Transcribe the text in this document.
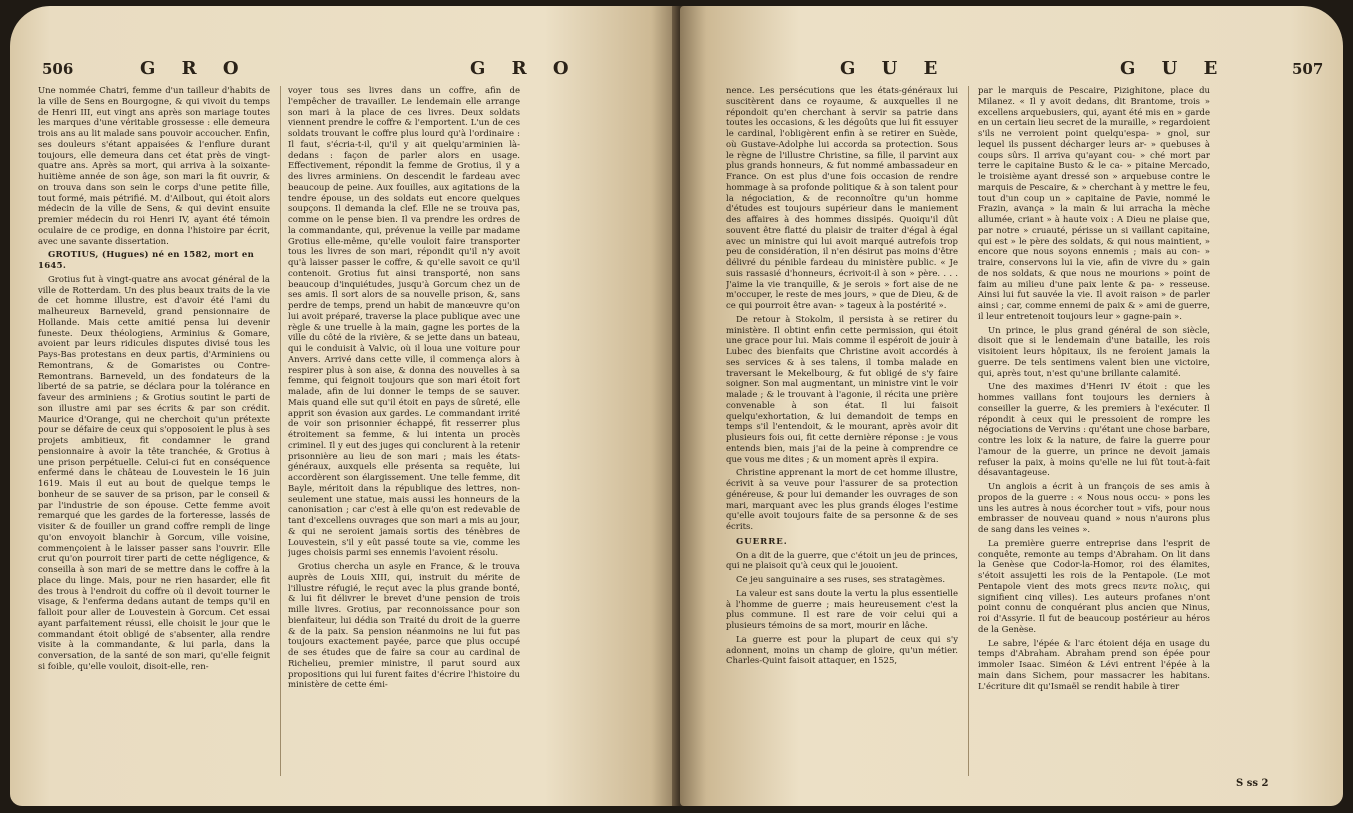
506	G R O	G R O

Une nommée Chatri, femme d'un tailleur d'habits de la ville de Sens en Bourgogne, & qui vivoit du temps de Henri III, eut vingt ans après son mariage toutes les marques d'une véritable grossesse : elle demeura trois ans au lit malade sans pouvoir accoucher. Enfin, ses douleurs s'étant appaisées & l'enflure durant toujours, elle demeura dans cet état près de vingt-quatre ans. Après sa mort, qui arriva à la soixante-huitième année de son âge, son mari la fit ouvrir, & on trouva dans son sein le corps d'une petite fille, tout formé, mais pétrifié. M. d'Ailbout, qui étoit alors médecin de la ville de Sens, & qui devint ensuite premier médecin du roi Henri IV, ayant été témoin oculaire de ce prodige, en donna l'histoire par écrit, avec une savante dissertation.

GROTIUS, (Hugues) né en 1582, mort en 1645.

Grotius fut à vingt-quatre ans avocat général de la ville de Rotterdam. Un des plus beaux traits de la vie de cet homme illustre, est d'avoir été l'ami du malheureux Barneveld, grand pensionnaire de Hollande. Mais cette amitié pensa lui devenir funeste. Deux théologiens, Arminius & Gomare, avoient par leurs ridicules disputes divisé tous les Pays-Bas protestans en deux partis, d'Arminiens ou Remontrans, & de Gomaristes ou Contre-Remontrans. Barneveld, un des fondateurs de la liberté de sa patrie, se déclara pour la tolérance en faveur des arminiens ; & Grotius soutint le parti de son illustre ami par ses écrits & par son crédit. Maurice d'Orange, qui ne cherchoit qu'un prétexte pour se défaire de ceux qui s'opposoient le plus à ses projets ambitieux, fit condamner le grand pensionnaire à avoir la tête tranchée, & Grotius à une prison perpétuelle. Celui-ci fut en conséquence enfermé dans le château de Louvestein le 16 juin 1619. Mais il eut au bout de quelque temps le bonheur de se sauver de sa prison, par le conseil & par l'industrie de son épouse. Cette femme avoit remarqué que les gardes de la forteresse, lassés de visiter & de fouiller un grand coffre rempli de linge qu'on envoyoit blanchir à Gorcum, ville voisine, commençoient à le laisser passer sans l'ouvrir. Elle crut qu'on pourroit tirer parti de cette négligence, & conseilla à son mari de se mettre dans le coffre à la place du linge. Mais, pour ne rien hasarder, elle fit des trous à l'endroit du coffre où il devoit tourner le visage, & l'enferma dedans autant de temps qu'il en falloit pour aller de Louvestein à Gorcum. Cet essai ayant parfaitement réussi, elle choisit le jour que le commandant étoit obligé de s'absenter, alla rendre visite à la commandante, & lui parla, dans la conversation, de la santé de son mari, qu'elle feignit si foible, qu'elle vouloit, disoit-elle, ren-

voyer tous ses livres dans un coffre, afin de l'empêcher de travailler. Le lendemain elle arrange son mari à la place de ces livres. Deux soldats viennent prendre le coffre & l'emportent. L'un de ces soldats trouvant le coffre plus lourd qu'à l'ordinaire : Il faut, s'écria-t-il, qu'il y ait quelqu'arminien là-dedans : façon de parler alors en usage. Effectivement, répondit la femme de Grotius, il y a des livres arminiens. On descendit le fardeau avec beaucoup de peine. Aux fouilles, aux agitations de la tendre épouse, un des soldats eut encore quelques soupçons. Il demanda la clef. Elle ne se trouva pas, comme on le pense bien. Il va prendre les ordres de la commandante, qui, prévenue la veille par madame Grotius elle-même, qu'elle vouloit faire transporter tous les livres de son mari, répondit qu'il n'y avoit qu'à laisser passer le coffre, & qu'elle savoit ce qu'il contenoit. Grotius fut ainsi transporté, non sans beaucoup d'inquiétudes, jusqu'à Gorcum chez un de ses amis. Il sort alors de sa nouvelle prison, &, sans perdre de temps, prend un habit de manœuvre qu'on lui avoit préparé, traverse la place publique avec une règle & une truelle à la main, gagne les portes de la ville du côté de la rivière, & se jette dans un bateau, qui le conduisit à Valvic, où il loua une voiture pour Anvers. Arrivé dans cette ville, il commença alors à respirer plus à son aise, & donna des nouvelles à sa femme, qui feignoit toujours que son mari étoit fort malade, afin de lui donner le temps de se sauver. Mais quand elle sut qu'il étoit en pays de sûreté, elle apprit son évasion aux gardes. Le commandant irrité de voir son prisonnier échappé, fit resserrer plus étroitement sa femme, & lui intenta un procès criminel. Il y eut des juges qui conclurent à la retenir prisonnière au lieu de son mari ; mais les états-généraux, auxquels elle présenta sa requête, lui accordèrent son élargissement. Une telle femme, dit Bayle, méritoit dans la république des lettres, non-seulement une statue, mais aussi les honneurs de la canonisation ; car c'est à elle qu'on est redevable de tant d'excellens ouvrages que son mari a mis au jour, & qui ne seroient jamais sortis des ténèbres de Louvestein, s'il y eût passé toute sa vie, comme les juges choisis parmi ses ennemis l'avoient résolu.

Grotius chercha un asyle en France, & le trouva auprès de Louis XIII, qui, instruit du mérite de l'illustre réfugié, le reçut avec la plus grande bonté, & lui fit délivrer le brevet d'une pension de trois mille livres. Grotius, par reconnoissance pour son bienfaiteur, lui dédia son Traité du droit de la guerre & de la paix. Sa pension néanmoins ne lui fut pas toujours exactement payée, parce que plus occupé de ses études que de faire sa cour au cardinal de Richelieu, premier ministre, il parut sourd aux propositions qui lui furent faites d'écrire l'histoire du ministère de cette émi-

G U E	G U E	507

nence. Les persécutions que les états-généraux lui suscitèrent dans ce royaume, & auxquelles il ne répondoit qu'en cherchant à servir sa patrie dans toutes les occasions, & les dégoûts que lui fit essuyer le cardinal, l'obligèrent enfin à se retirer en Suède, où Gustave-Adolphe lui accorda sa protection. Sous le règne de l'illustre Christine, sa fille, il parvint aux plus grands honneurs, & fut nommé ambassadeur en France. On est plus d'une fois occasion de rendre hommage à sa profonde politique & à son talent pour la négociation, & de reconnoître qu'un homme d'études est toujours supérieur dans le maniement des affaires à des hommes dissipés. Quoiqu'il dût souvent être flatté du plaisir de traiter d'égal à égal avec un ministre qui lui avoit marqué autrefois trop peu de considération, il n'en désirut pas moins d'être délivré du pénible fardeau du ministère public. « Je suis rassasié d'honneurs, écrivoit-il à son » père. . . . J'aime la vie tranquille, & je serois » fort aise de ne m'occuper, le reste de mes jours, » que de Dieu, & de ce qui pourroit être avan- » tageux à la postérité ».

De retour à Stokolm, il persista à se retirer du ministère. Il obtint enfin cette permission, qui étoit une grace pour lui. Mais comme il espéroit de jouir à Lubec des bienfaits que Christine avoit accordés à ses services & à ses talens, il tomba malade en traversant le Mekelbourg, & fut obligé de s'y faire soigner. Son mal augmentant, un ministre vint le voir malade ; & le trouvant à l'agonie, il récita une prière convenable à son état. Il lui faisoit quelqu'exhortation, & lui demandoit de temps en temps s'il l'entendoit, & le mourant, après avoir dit plusieurs fois oui, fit cette dernière réponse : je vous entends bien, mais j'ai de la peine à comprendre ce que vous me dites ; & un moment après il expira.

Christine apprenant la mort de cet homme illustre, écrivit à sa veuve pour l'assurer de sa protection généreuse, & pour lui demander les ouvrages de son mari, marquant avec les plus grands éloges l'estime qu'elle avoit toujours faite de sa personne & de ses écrits.

GUERRE.

On a dit de la guerre, que c'étoit un jeu de princes, qui ne plaisoit qu'à ceux qui le jouoient.

Ce jeu sanguinaire a ses ruses, ses stratagèmes.

La valeur est sans doute la vertu la plus essentielle à l'homme de guerre ; mais heureusement c'est la plus commune. Il est rare de voir celui qui a plusieurs témoins de sa mort, mourir en lâche.

La guerre est pour la plupart de ceux qui s'y adonnent, moins un champ de gloire, qu'un métier. Charles-Quint faisoit attaquer, en 1525,

par le marquis de Pescaire, Pizighitone, place du Milanez. « Il y avoit dedans, dit Brantome, trois » excellens arquebusiers, qui, ayant été mis en » garde en un certain lieu secret de la muraille, » regardoient s'ils ne verroient point quelqu'espa- » gnol, sur lequel ils pussent décharger leurs ar- » quebuses à coups sûrs. Il arriva qu'ayant cou- » ché mort par terre le capitaine Busto & le ca- » pitaine Mercado, le troisième ayant dressé son » arquebuse contre le marquis de Pescaire, & » cherchant à y mettre le feu, tout d'un coup un » capitaine de Pavie, nommé le Frazin, avança » la main & lui arracha la mèche allumée, criant » à haute voix : A Dieu ne plaise que, par notre » cruauté, périsse un si vaillant capitaine, qui est » le père des soldats, & qui nous maintient, » encore que nous soyons ennemis ; mais au con- » traire, conservons lui la vie, afin de vivre du » gain de nos soldats, & que nous ne mourions » point de faim au milieu d'une paix lente & pa- » resseuse. Ainsi lui fut sauvée la vie. Il avoit raison » de parler ainsi ; car, comme ennemi de paix & » ami de guerre, il leur entretenoit toujours leur » gagne-pain ».

Un prince, le plus grand général de son siècle, disoit que si le lendemain d'une bataille, les rois visitoient leurs hôpitaux, ils ne feroient jamais la guerre. De tels sentimens valent bien une victoire, qui, après tout, n'est qu'une brillante calamité.

Une des maximes d'Henri IV étoit : que les hommes vaillans font toujours les derniers à conseiller la guerre, & les premiers à l'exécuter. Il répondit à ceux qui le pressoient de rompre les négociations de Vervins : qu'étant une chose barbare, contre les loix & la nature, de faire la guerre pour l'amour de la guerre, un prince ne devoit jamais refuser la paix, à moins qu'elle ne lui fût tout-à-fait désavantageuse.

Un anglois a écrit à un françois de ses amis à propos de la guerre : « Nous nous occu- » pons les uns les autres à nous écorcher tout » vifs, pour nous embrasser de nouveau quand » nous n'aurons plus de sang dans les veines ».

La première guerre entreprise dans l'esprit de conquête, remonte au temps d'Abraham. On lit dans la Genèse que Codor-la-Homor, roi des élamites, s'étoit assujetti les rois de la Pentapole. (Le mot Pentapole vient des mots grecs πεντε πολις, qui signifient cinq villes). Les auteurs profanes n'ont point connu de conquérant plus ancien que Ninus, roi d'Assyrie. Il fut de beaucoup postérieur au héros de la Genèse.

Le sabre, l'épée & l'arc étoient déja en usage du temps d'Abraham. Abraham prend son épée pour immoler Isaac. Siméon & Lévi entrent l'épée à la main dans Sichem, pour massacrer les habitans. L'écriture dit qu'Ismaël se rendit habile à tirer

S ss 2
